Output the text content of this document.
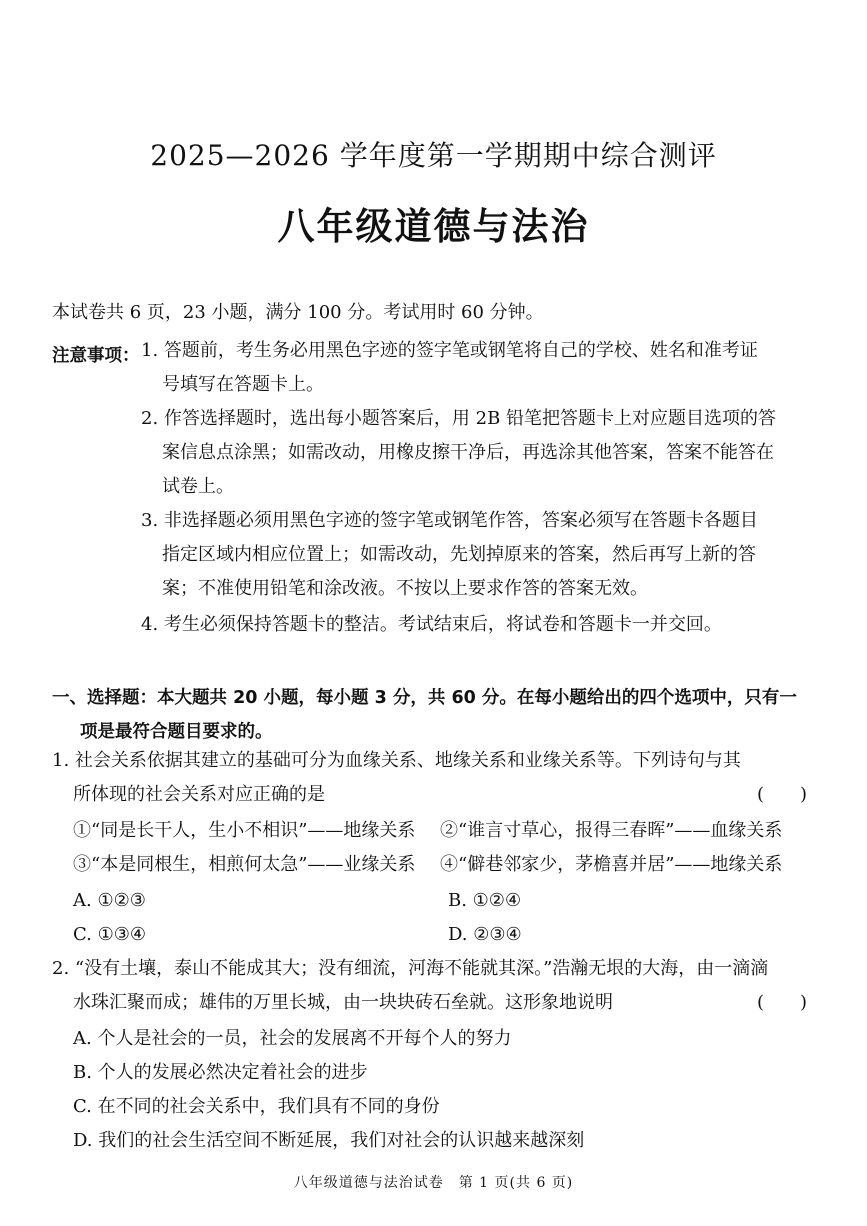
2025—2026 学年度第一学期期中综合测评
八年级道德与法治
本试卷共 6 页，23 小题，满分 100 分。考试用时 60 分钟。
注意事项： 1. 答题前，考生务必用黑色字迹的签字笔或钢笔将自己的学校、姓名和准考证
号填写在答题卡上。
2. 作答选择题时，选出每小题答案后，用 2B 铅笔把答题卡上对应题目选项的答
案信息点涂黑；如需改动，用橡皮擦干净后，再选涂其他答案，答案不能答在
试卷上。
3. 非选择题必须用黑色字迹的签字笔或钢笔作答，答案必须写在答题卡各题目
指定区域内相应位置上；如需改动，先划掉原来的答案，然后再写上新的答
案；不准使用铅笔和涂改液。不按以上要求作答的答案无效。
4. 考生必须保持答题卡的整洁。考试结束后，将试卷和答题卡一并交回。
一、选择题：本大题共 20 小题，每小题 3 分，共 60 分。在每小题给出的四个选项中，只有一
项是最符合题目要求的。
1. 社会关系依据其建立的基础可分为血缘关系、地缘关系和业缘关系等。下列诗句与其
所体现的社会关系对应正确的是	(　　)
①“同是长干人，生小不相识”——地缘关系 ②“谁言寸草心，报得三春晖”——血缘关系
③“本是同根生，相煎何太急”——业缘关系 ④“僻巷邻家少，茅檐喜并居”——地缘关系
A. ①②③	B. ①②④
C. ①③④	D. ②③④
2. “没有土壤，泰山不能成其大；没有细流，河海不能就其深。”浩瀚无垠的大海，由一滴滴
水珠汇聚而成；雄伟的万里长城，由一块块砖石垒就。这形象地说明	(　　)
A. 个人是社会的一员，社会的发展离不开每个人的努力
B. 个人的发展必然决定着社会的进步
C. 在不同的社会关系中，我们具有不同的身份
D. 我们的社会生活空间不断延展，我们对社会的认识越来越深刻
八年级道德与法治试卷　第 1 页(共 6 页)
